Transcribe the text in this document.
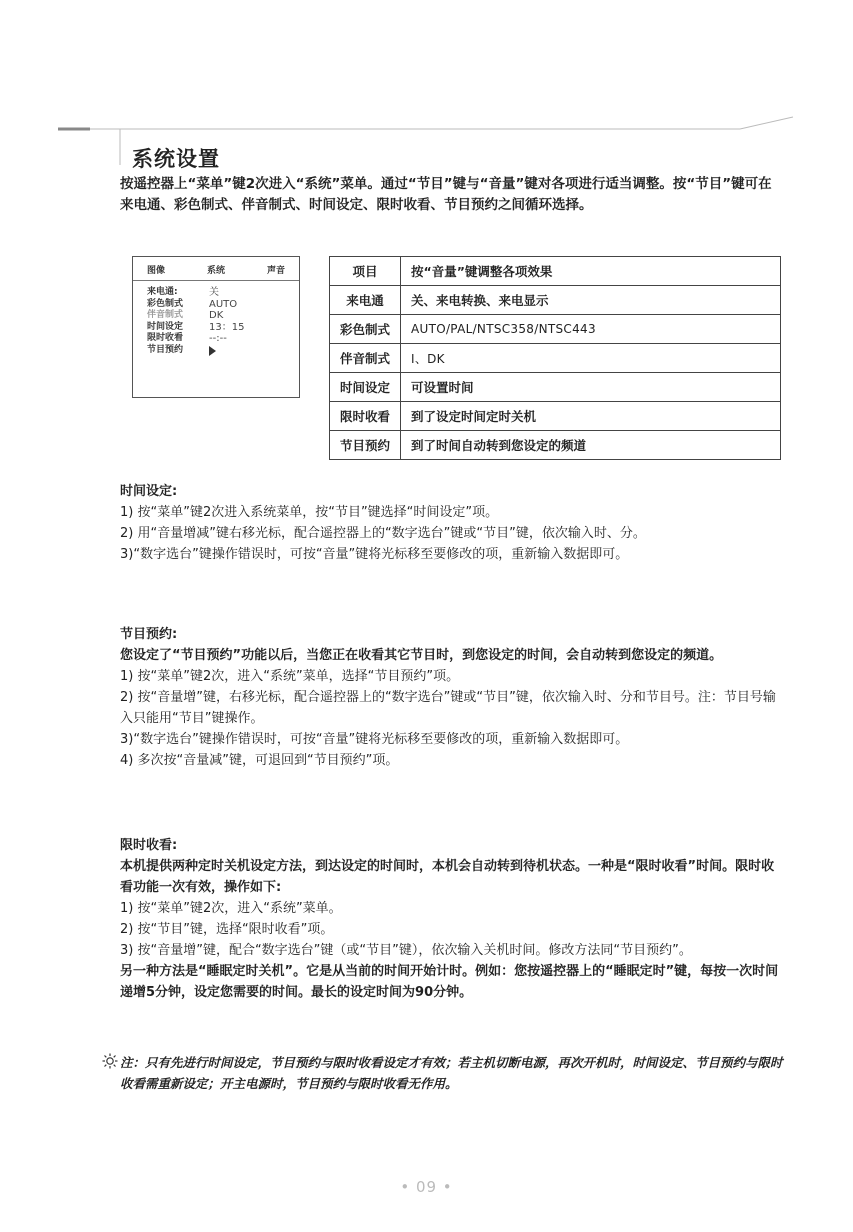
系统设置
按遥控器上“菜单”键2次进入“系统”菜单。通过“节目”键与“音量”键对各项进行适当调整。按“节目”键可在来电通、彩色制式、伴音制式、时间设定、限时收看、节目预约之间循环选择。
图像	系统	声音
来电通:	关
彩色制式	AUTO
伴音制式	DK
时间设定	13：15
限时收看	--:--
节目预约
项目	按“音量”键调整各项效果
来电通	关、来电转换、来电显示
彩色制式	AUTO/PAL/NTSC358/NTSC443
伴音制式	I、DK
时间设定	可设置时间
限时收看	到了设定时间定时关机
节目预约	到了时间自动转到您设定的频道
时间设定:
1) 按“菜单”键2次进入系统菜单，按“节目”键选择“时间设定”项。
2) 用“音量增减”键右移光标，配合遥控器上的“数字选台”键或“节目”键，依次输入时、分。
3)“数字选台”键操作错误时，可按“音量”键将光标移至要修改的项，重新输入数据即可。
节目预约:
您设定了“节目预约”功能以后，当您正在收看其它节目时，到您设定的时间，会自动转到您设定的频道。
1) 按“菜单”键2次，进入“系统”菜单，选择“节目预约”项。
2) 按“音量增”键，右移光标，配合遥控器上的“数字选台”键或“节目”键，依次输入时、分和节目号。注：节目号输入只能用“节目”键操作。
3)“数字选台”键操作错误时，可按“音量”键将光标移至要修改的项，重新输入数据即可。
4) 多次按“音量减”键，可退回到“节目预约”项。
限时收看:
本机提供两种定时关机设定方法，到达设定的时间时，本机会自动转到待机状态。一种是“限时收看”时间。限时收看功能一次有效，操作如下:
1) 按“菜单”键2次，进入“系统”菜单。
2) 按“节目”键，选择“限时收看”项。
3) 按“音量增”键，配合“数字选台”键（或“节目”键），依次输入关机时间。修改方法同“节目预约”。
另一种方法是“睡眠定时关机”。它是从当前的时间开始计时。例如：您按遥控器上的“睡眠定时”键，每按一次时间递增5分钟，设定您需要的时间。最长的设定时间为90分钟。
注：只有先进行时间设定，节目预约与限时收看设定才有效；若主机切断电源，再次开机时，时间设定、节目预约与限时收看需重新设定；开主电源时，节目预约与限时收看无作用。
• 09 •
